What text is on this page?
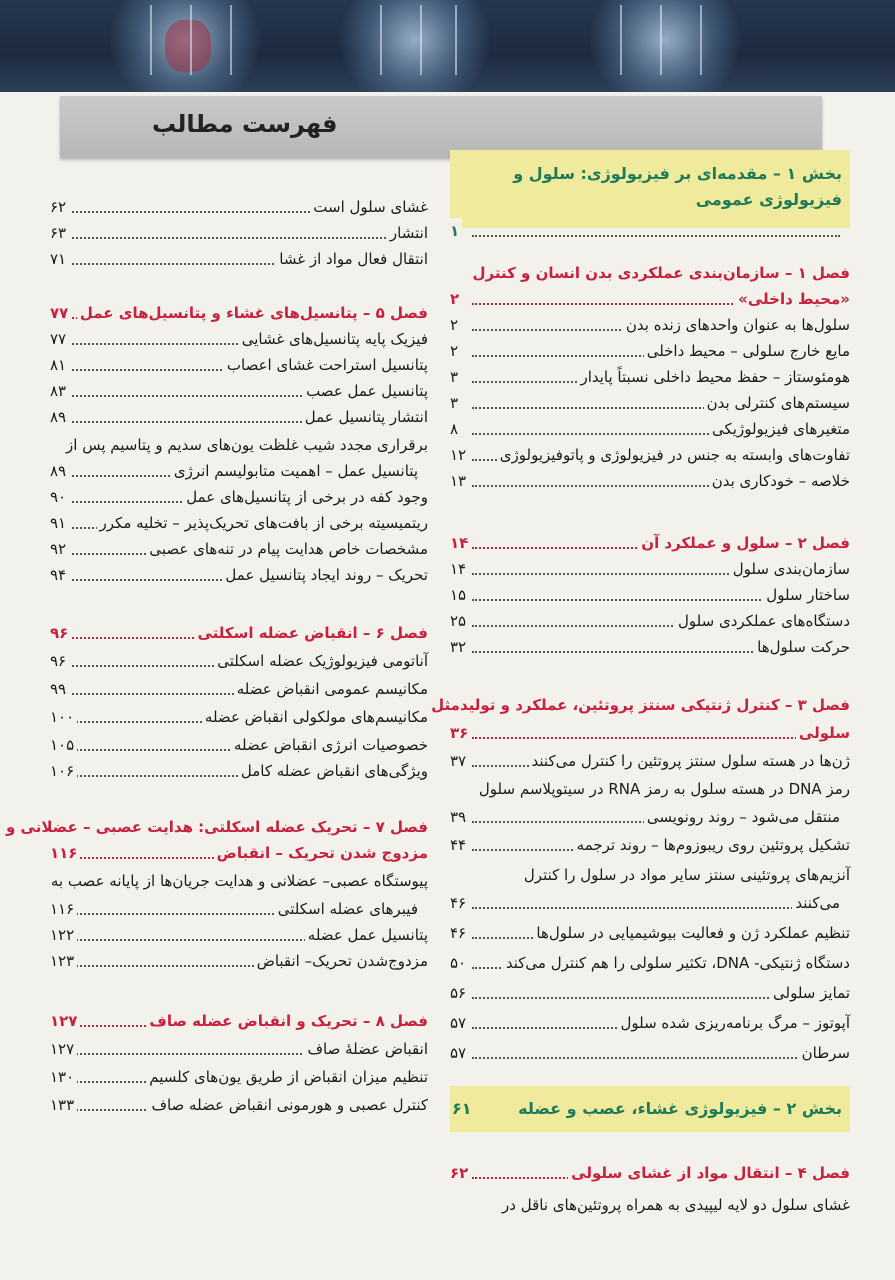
فهرست مطالب
بخش ۱ – مقدمه‌ای بر فیزیولوژی: سلول و
فیزیولوژی عمومی
۱
فصل ۱ – سازمان‌بندی عملکردی بدن انسان و کنترل
«محیط داخلی»
۲
سلول‌ها به عنوان واحدهای زنده بدن
۲
مایع خارج سلولی – محیط داخلی
۲
هومئوستاز – حفظ محیط داخلی نسبتاً پایدار
۳
سیستم‌های کنترلی بدن
۳
متغیرهای فیزیولوژیکی
۸
تفاوت‌های وابسته به جنس در فیزیولوژی و پاتوفیزیولوژی
۱۲
خلاصه – خودکاری بدن
۱۳
فصل ۲ – سلول و عملکرد آن
۱۴
سازمان‌بندی سلول
۱۴
ساختار سلول
۱۵
دستگاه‌های عملکردی سلول
۲۵
حرکت سلول‌ها
۳۲
فصل ۳ – کنترل ژنتیکی سنتز پروتئین، عملکرد و تولیدمثل
سلولی
۳۶
ژن‌ها در هسته سلول سنتز پروتئین را کنترل می‌کنند
۳۷
رمز DNA در هسته سلول به رمز RNA در سیتوپلاسم سلول
منتقل می‌شود – روند رونویسی
۳۹
تشکیل پروتئین روی ریبوزوم‌ها – روند ترجمه
۴۴
آنزیم‌های پروتئینی سنتز سایر مواد در سلول را کنترل
می‌کنند
۴۶
تنظیم عملکرد ژن و فعالیت بیوشیمیایی در سلول‌ها
۴۶
دستگاه ژنتیکی- DNA، تکثیر سلولی را هم کنترل می‌کند
۵۰
تمایز سلولی
۵۶
آپوتوز – مرگ برنامه‌ریزی شده سلول
۵۷
سرطان
۵۷
بخش ۲ – فیزیولوژی غشاء، عصب و عضله
۶۱
فصل ۴ – انتقال مواد از غشای سلولی
۶۲
غشای سلول دو لایه لیپیدی به همراه پروتئین‌های ناقل در
غشای سلول است
۶۲
انتشار
۶۳
انتقال فعال مواد از غشا
۷۱
فصل ۵ – پتانسیل‌های غشاء و پتانسیل‌های عمل
۷۷
فیزیک پایه پتانسیل‌های غشایی
۷۷
پتانسیل استراحت غشای اعصاب
۸۱
پتانسیل عمل عصب
۸۳
انتشار پتانسیل عمل
۸۹
برقراری مجدد شیب غلظت یون‌های سدیم و پتاسیم پس از
پتانسیل عمل – اهمیت متابولیسم انرژی
۸۹
وجود کفه در برخی از پتانسیل‌های عمل
۹۰
ریتمیسیته برخی از بافت‌های تحریک‌پذیر – تخلیه مکرر
۹۱
مشخصات خاص هدایت پیام در تنه‌های عصبی
۹۲
تحریک – روند ایجاد پتانسیل عمل
۹۴
فصل ۶ – انقباض عضله اسکلتی
۹۶
آناتومی فیزیولوژیک عضله اسکلتی
۹۶
مکانیسم عمومی انقباض عضله
۹۹
مکانیسم‌های مولکولی انقباض عضله
۱۰۰
خصوصیات انرژی انقباض عضله
۱۰۵
ویژگی‌های انقباض عضله کامل
۱۰۶
فصل ۷ – تحریک عضله اسکلتی: هدایت عصبی – عضلانی و
مزدوج شدن تحریک – انقباض
۱۱۶
پیوستگاه عصبی– عضلانی و هدایت جریان‌ها از پایانه عصب به
فیبرهای عضله اسکلتی
۱۱۶
پتانسیل عمل عضله
۱۲۲
مزدوج‌شدن تحریک– انقباض
۱۲۳
فصل ۸ – تحریک و انقباض عضله صاف
۱۲۷
انقباض عضلهٔ صاف
۱۲۷
تنظیم میزان انقباض از طریق یون‌های کلسیم
۱۳۰
کنترل عصبی و هورمونی انقباض عضله صاف
۱۳۳
